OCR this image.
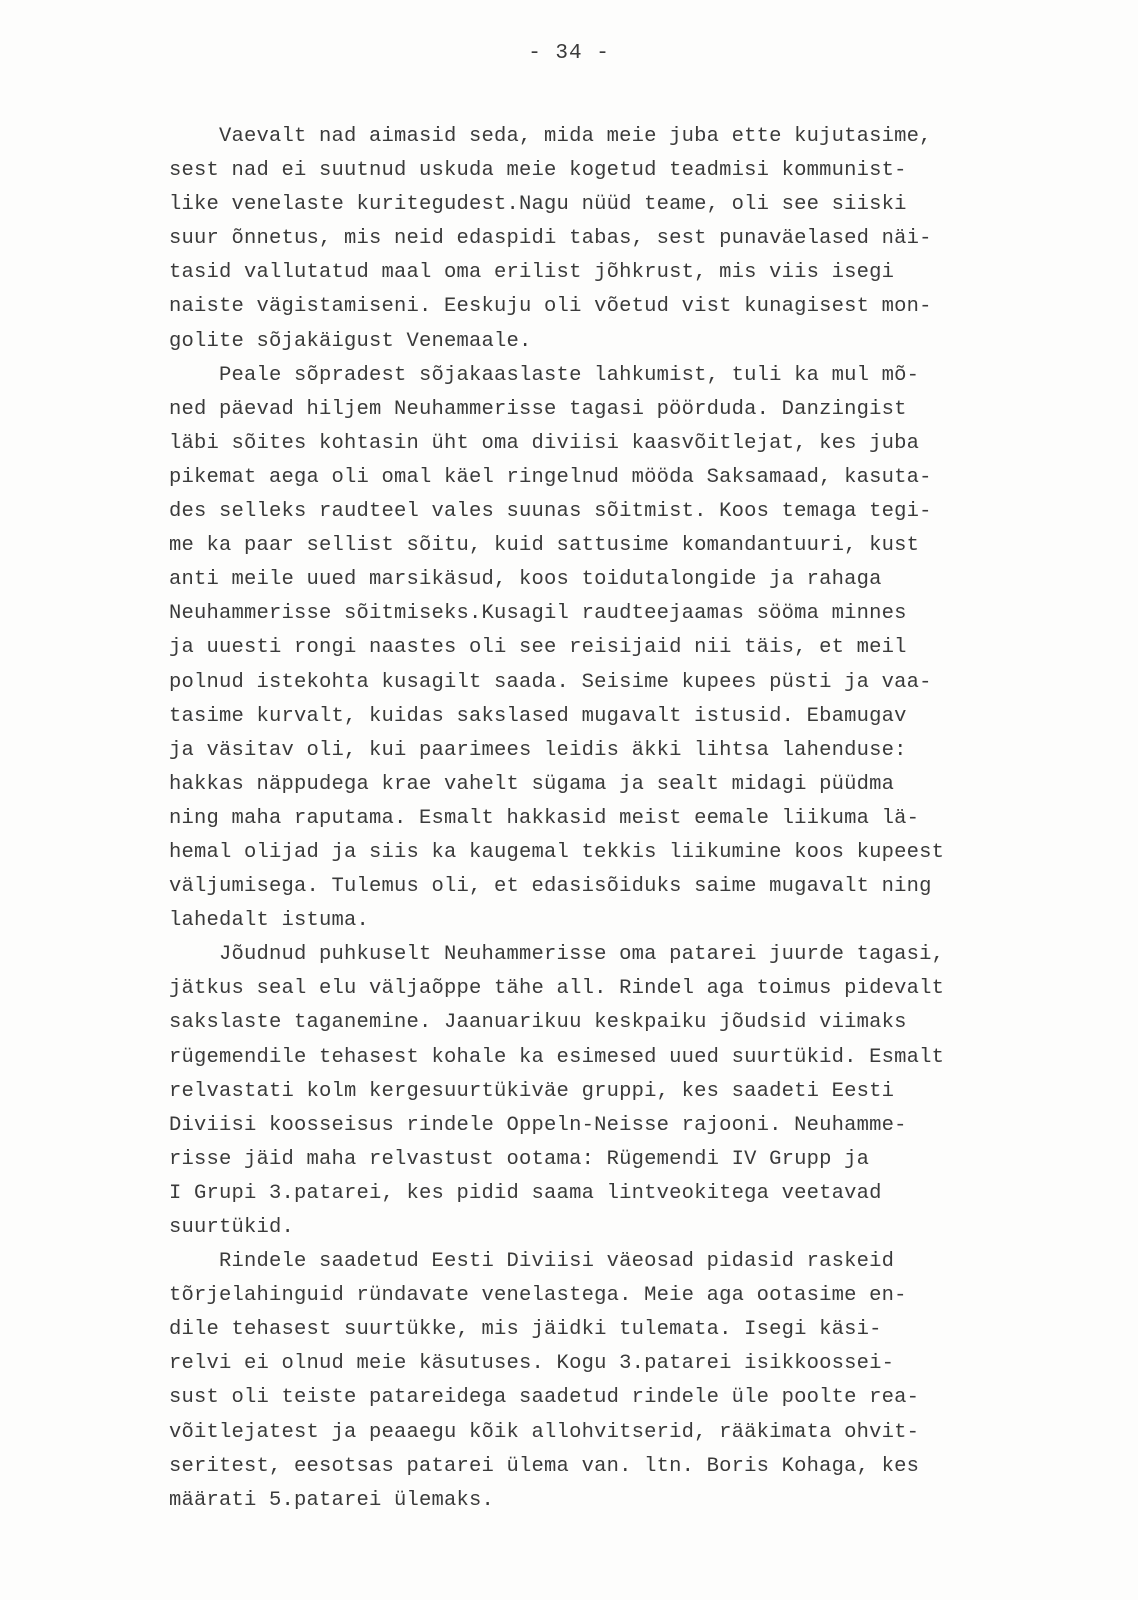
- 34 -
Vaevalt nad aimasid seda, mida meie juba ette kujutasime,
sest nad ei suutnud uskuda meie kogetud teadmisi kommunist-
like venelaste kuritegudest.Nagu nüüd teame, oli see siiski
suur õnnetus, mis neid edaspidi tabas, sest punaväelased näi-
tasid vallutatud maal oma erilist jõhkrust, mis viis isegi
naiste vägistamiseni. Eeskuju oli võetud vist kunagisest mon-
golite sõjakäigust Venemaale.
Peale sõpradest sõjakaaslaste lahkumist, tuli ka mul mõ-
ned päevad hiljem Neuhammerisse tagasi pöörduda. Danzingist
läbi sõites kohtasin üht oma diviisi kaasvõitlejat, kes juba
pikemat aega oli omal käel ringelnud mööda Saksamaad, kasuta-
des selleks raudteel vales suunas sõitmist. Koos temaga tegi-
me ka paar sellist sõitu, kuid sattusime komandantuuri, kust
anti meile uued marsikäsud, koos toidutalongide ja rahaga
Neuhammerisse sõitmiseks.Kusagil raudteejaamas sööma minnes
ja uuesti rongi naastes oli see reisijaid nii täis, et meil
polnud istekohta kusagilt saada. Seisime kupees püsti ja vaa-
tasime kurvalt, kuidas sakslased mugavalt istusid. Ebamugav
ja väsitav oli, kui paarimees leidis äkki lihtsa lahenduse:
hakkas näppudega krae vahelt sügama ja sealt midagi püüdma
ning maha raputama. Esmalt hakkasid meist eemale liikuma lä-
hemal olijad ja siis ka kaugemal tekkis liikumine koos kupeest
väljumisega. Tulemus oli, et edasisõiduks saime mugavalt ning
lahedalt istuma.
Jõudnud puhkuselt Neuhammerisse oma patarei juurde tagasi,
jätkus seal elu väljaõppe tähe all. Rindel aga toimus pidevalt
sakslaste taganemine. Jaanuarikuu keskpaiku jõudsid viimaks
rügemendile tehasest kohale ka esimesed uued suurtükid. Esmalt
relvastati kolm kergesuurtükiväe gruppi, kes saadeti Eesti
Diviisi koosseisus rindele Oppeln-Neisse rajooni. Neuhamme-
risse jäid maha relvastust ootama: Rügemendi IV Grupp ja
I Grupi 3.patarei, kes pidid saama lintveokitega veetavad
suurtükid.
Rindele saadetud Eesti Diviisi väeosad pidasid raskeid
tõrjelahinguid ründavate venelastega. Meie aga ootasime en-
dile tehasest suurtükke, mis jäidki tulemata. Isegi käsi-
relvi ei olnud meie käsutuses. Kogu 3.patarei isikkoossei-
sust oli teiste patareidega saadetud rindele üle poolte rea-
võitlejatest ja peaaegu kõik allohvitserid, rääkimata ohvit-
seritest, eesotsas patarei ülema van. ltn. Boris Kohaga, kes
määrati 5.patarei ülemaks.
